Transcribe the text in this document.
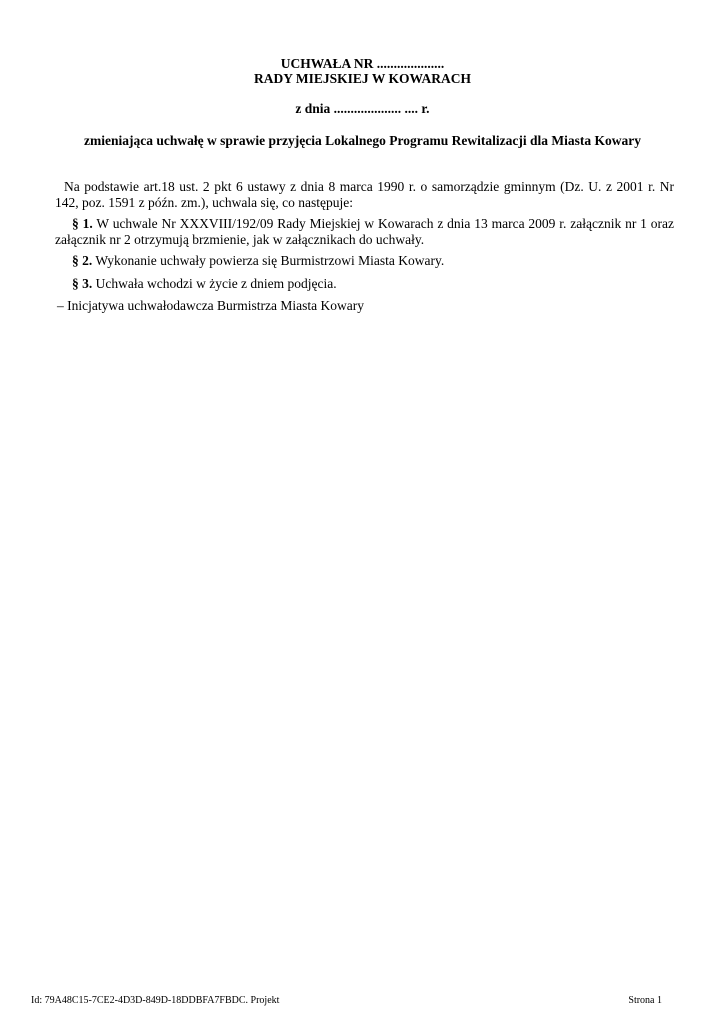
UCHWAŁA NR ....................
RADY MIEJSKIEJ W KOWARACH
z dnia .................... .... r.
zmieniająca uchwałę w sprawie przyjęcia Lokalnego Programu Rewitalizacji dla Miasta Kowary
Na podstawie art.18 ust. 2 pkt 6 ustawy z dnia 8 marca 1990 r. o samorządzie gminnym (Dz. U. z 2001 r. Nr 142, poz. 1591 z późn. zm.), uchwala się, co następuje:
§ 1. W uchwale Nr XXXVIII/192/09 Rady Miejskiej w Kowarach z dnia 13 marca 2009 r. załącznik nr 1 oraz załącznik nr 2 otrzymują brzmienie, jak w załącznikach do uchwały.
§ 2. Wykonanie uchwały powierza się Burmistrzowi Miasta Kowary.
§ 3. Uchwała wchodzi w życie z dniem podjęcia.
– Inicjatywa uchwałodawcza Burmistrza Miasta Kowary
Id: 79A48C15-7CE2-4D3D-849D-18DDBFA7FBDC. Projekt	Strona 1
